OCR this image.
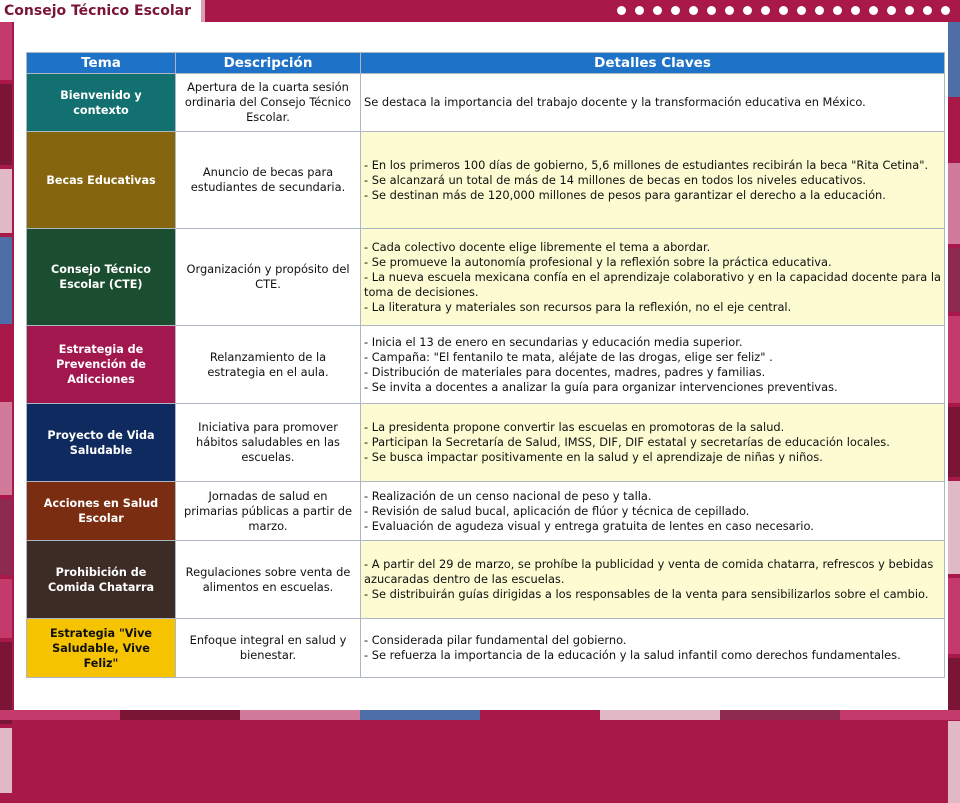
Consejo Técnico Escolar
Tema	Descripción	Detalles Claves
Bienvenido y contexto	Apertura de la cuarta sesión ordinaria del Consejo Técnico Escolar.	Se destaca la importancia del trabajo docente y la transformación educativa en México.

Becas Educativas	Anuncio de becas para estudiantes de secundaria.	- En los primeros 100 días de gobierno, 5,6 millones de estudiantes recibirán la beca "Rita Cetina".
- Se alcanzará un total de más de 14 millones de becas en todos los niveles educativos.
- Se destinan más de 120,000 millones de pesos para garantizar el derecho a la educación.

Consejo Técnico Escolar (CTE)	Organización y propósito del CTE.	- Cada colectivo docente elige libremente el tema a abordar.
- Se promueve la autonomía profesional y la reflexión sobre la práctica educativa.
- La nueva escuela mexicana confía en el aprendizaje colaborativo y en la capacidad docente para la toma de decisiones.
- La literatura y materiales son recursos para la reflexión, no el eje central.

Estrategia de Prevención de Adicciones	Relanzamiento de la estrategia en el aula.	- Inicia el 13 de enero en secundarias y educación media superior.
- Campaña: "El fentanilo te mata, aléjate de las drogas, elige ser feliz" .
- Distribución de materiales para docentes, madres, padres y familias.
- Se invita a docentes a analizar la guía para organizar intervenciones preventivas.

Proyecto de Vida Saludable	Iniciativa para promover hábitos saludables en las escuelas.	- La presidenta propone convertir las escuelas en promotoras de la salud.
- Participan la Secretaría de Salud, IMSS, DIF, DIF estatal y secretarías de educación locales.
- Se busca impactar positivamente en la salud y el aprendizaje de niñas y niños.

Acciones en Salud Escolar	Jornadas de salud en primarias públicas a partir de marzo.	- Realización de un censo nacional de peso y talla.
- Revisión de salud bucal, aplicación de flúor y técnica de cepillado.
- Evaluación de agudeza visual y entrega gratuita de lentes en caso necesario.

Prohibición de Comida Chatarra	Regulaciones sobre venta de alimentos en escuelas.	- A partir del 29 de marzo, se prohíbe la publicidad y venta de comida chatarra, refrescos y bebidas azucaradas dentro de las escuelas.
- Se distribuirán guías dirigidas a los responsables de la venta para sensibilizarlos sobre el cambio.

Estrategia "Vive Saludable, Vive Feliz"	Enfoque integral en salud y bienestar.	- Considerada pilar fundamental del gobierno.
- Se refuerza la importancia de la educación y la salud infantil como derechos fundamentales.
